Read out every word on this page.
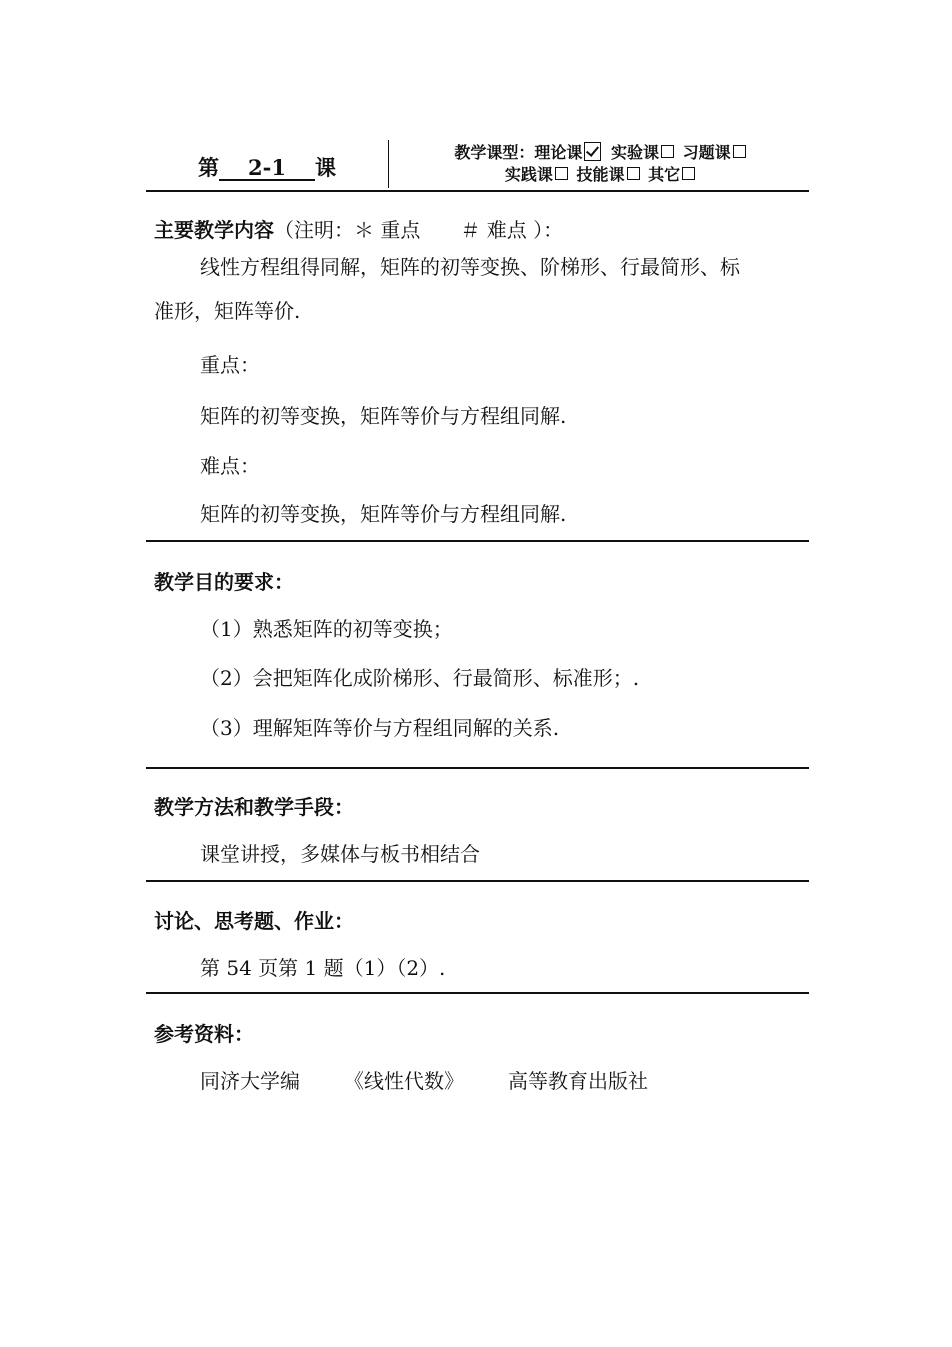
第 2-1 课
教学课型：理论课 实验课 习题课
实践课 技能课 其它
主要教学内容（注明：＊ 重点　　＃ 难点 ）：
线性方程组得同解，矩阵的初等变换、阶梯形、行最简形、标
准形，矩阵等价.
重点：
矩阵的初等变换，矩阵等价与方程组同解.
难点：
矩阵的初等变换，矩阵等价与方程组同解.
教学目的要求：
（1）熟悉矩阵的初等变换；
（2）会把矩阵化成阶梯形、行最简形、标准形；.
（3）理解矩阵等价与方程组同解的关系.
教学方法和教学手段：
课堂讲授，多媒体与板书相结合
讨论、思考题、作业：
第 54 页第 1 题（1）（2）.
参考资料：
同济大学编 《线性代数》 高等教育出版社
